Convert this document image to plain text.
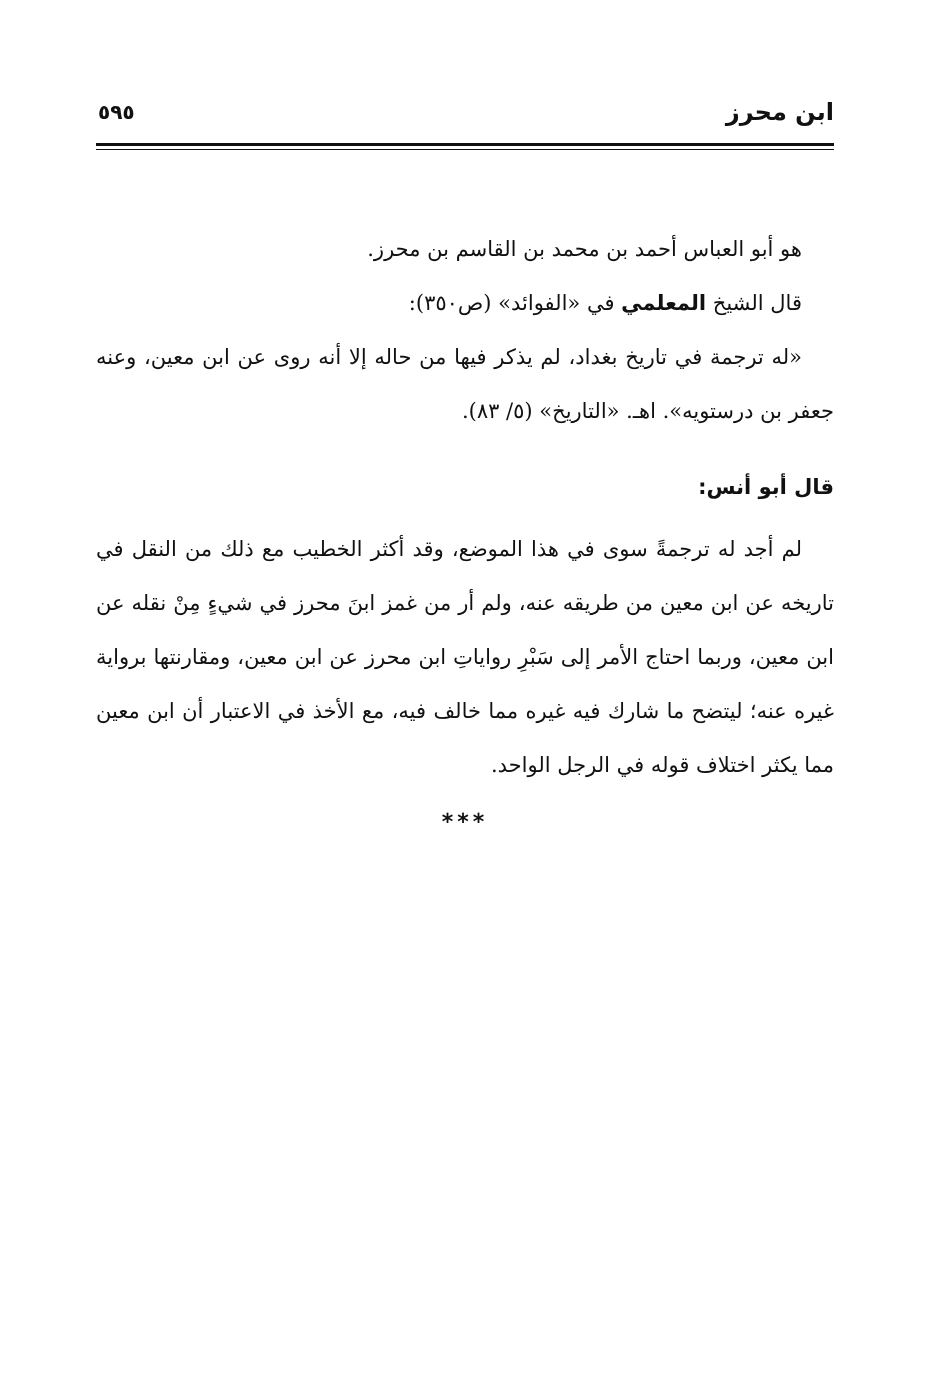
ابن محرز
٥٩٥

هو أبو العباس أحمد بن محمد بن القاسم بن محرز.

قال الشيخ المعلمي في «الفوائد» (ص٣٥٠):

«له ترجمة في تاريخ بغداد، لم يذكر فيها من حاله إلا أنه روى عن ابن معين، وعنه جعفر بن درستويه». اهـ. «التاريخ» (٥/ ٨٣).

قال أبو أنس:

لم أجد له ترجمةً سوى في هذا الموضع، وقد أكثر الخطيب مع ذلك من النقل في تاريخه عن ابن معين من طريقه عنه، ولم أر من غمز ابنَ محرز في شيءٍ مِنْ نقله عن ابن معين، وربما احتاج الأمر إلى سَبْرِ رواياتِ ابن محرز عن ابن معين، ومقارنتها برواية غيره عنه؛ ليتضح ما شارك فيه غيره مما خالف فيه، مع الأخذ في الاعتبار أن ابن معين مما يكثر اختلاف قوله في الرجل الواحد.

***
